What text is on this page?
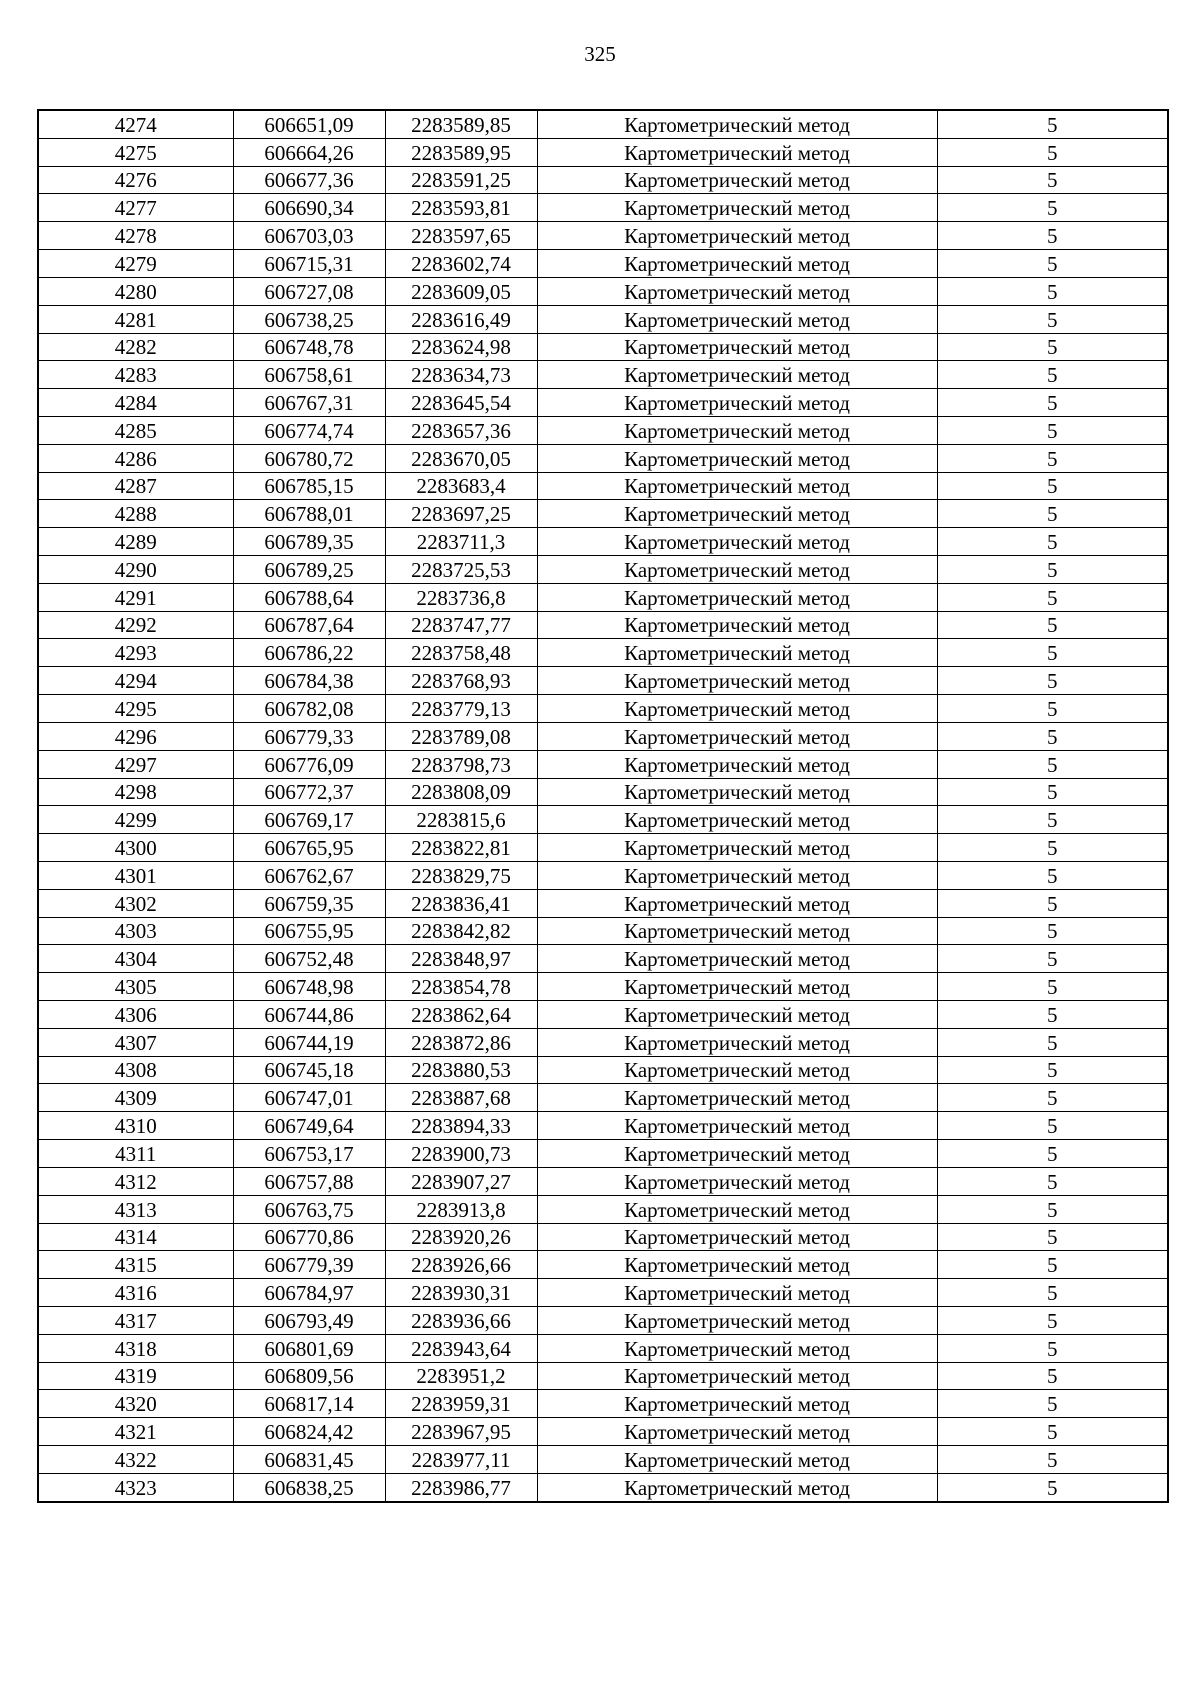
325
4274	606651,09	2283589,85	Картометрический метод	5
4275	606664,26	2283589,95	Картометрический метод	5
4276	606677,36	2283591,25	Картометрический метод	5
4277	606690,34	2283593,81	Картометрический метод	5
4278	606703,03	2283597,65	Картометрический метод	5
4279	606715,31	2283602,74	Картометрический метод	5
4280	606727,08	2283609,05	Картометрический метод	5
4281	606738,25	2283616,49	Картометрический метод	5
4282	606748,78	2283624,98	Картометрический метод	5
4283	606758,61	2283634,73	Картометрический метод	5
4284	606767,31	2283645,54	Картометрический метод	5
4285	606774,74	2283657,36	Картометрический метод	5
4286	606780,72	2283670,05	Картометрический метод	5
4287	606785,15	2283683,4	Картометрический метод	5
4288	606788,01	2283697,25	Картометрический метод	5
4289	606789,35	2283711,3	Картометрический метод	5
4290	606789,25	2283725,53	Картометрический метод	5
4291	606788,64	2283736,8	Картометрический метод	5
4292	606787,64	2283747,77	Картометрический метод	5
4293	606786,22	2283758,48	Картометрический метод	5
4294	606784,38	2283768,93	Картометрический метод	5
4295	606782,08	2283779,13	Картометрический метод	5
4296	606779,33	2283789,08	Картометрический метод	5
4297	606776,09	2283798,73	Картометрический метод	5
4298	606772,37	2283808,09	Картометрический метод	5
4299	606769,17	2283815,6	Картометрический метод	5
4300	606765,95	2283822,81	Картометрический метод	5
4301	606762,67	2283829,75	Картометрический метод	5
4302	606759,35	2283836,41	Картометрический метод	5
4303	606755,95	2283842,82	Картометрический метод	5
4304	606752,48	2283848,97	Картометрический метод	5
4305	606748,98	2283854,78	Картометрический метод	5
4306	606744,86	2283862,64	Картометрический метод	5
4307	606744,19	2283872,86	Картометрический метод	5
4308	606745,18	2283880,53	Картометрический метод	5
4309	606747,01	2283887,68	Картометрический метод	5
4310	606749,64	2283894,33	Картометрический метод	5
4311	606753,17	2283900,73	Картометрический метод	5
4312	606757,88	2283907,27	Картометрический метод	5
4313	606763,75	2283913,8	Картометрический метод	5
4314	606770,86	2283920,26	Картометрический метод	5
4315	606779,39	2283926,66	Картометрический метод	5
4316	606784,97	2283930,31	Картометрический метод	5
4317	606793,49	2283936,66	Картометрический метод	5
4318	606801,69	2283943,64	Картометрический метод	5
4319	606809,56	2283951,2	Картометрический метод	5
4320	606817,14	2283959,31	Картометрический метод	5
4321	606824,42	2283967,95	Картометрический метод	5
4322	606831,45	2283977,11	Картометрический метод	5
4323	606838,25	2283986,77	Картометрический метод	5
